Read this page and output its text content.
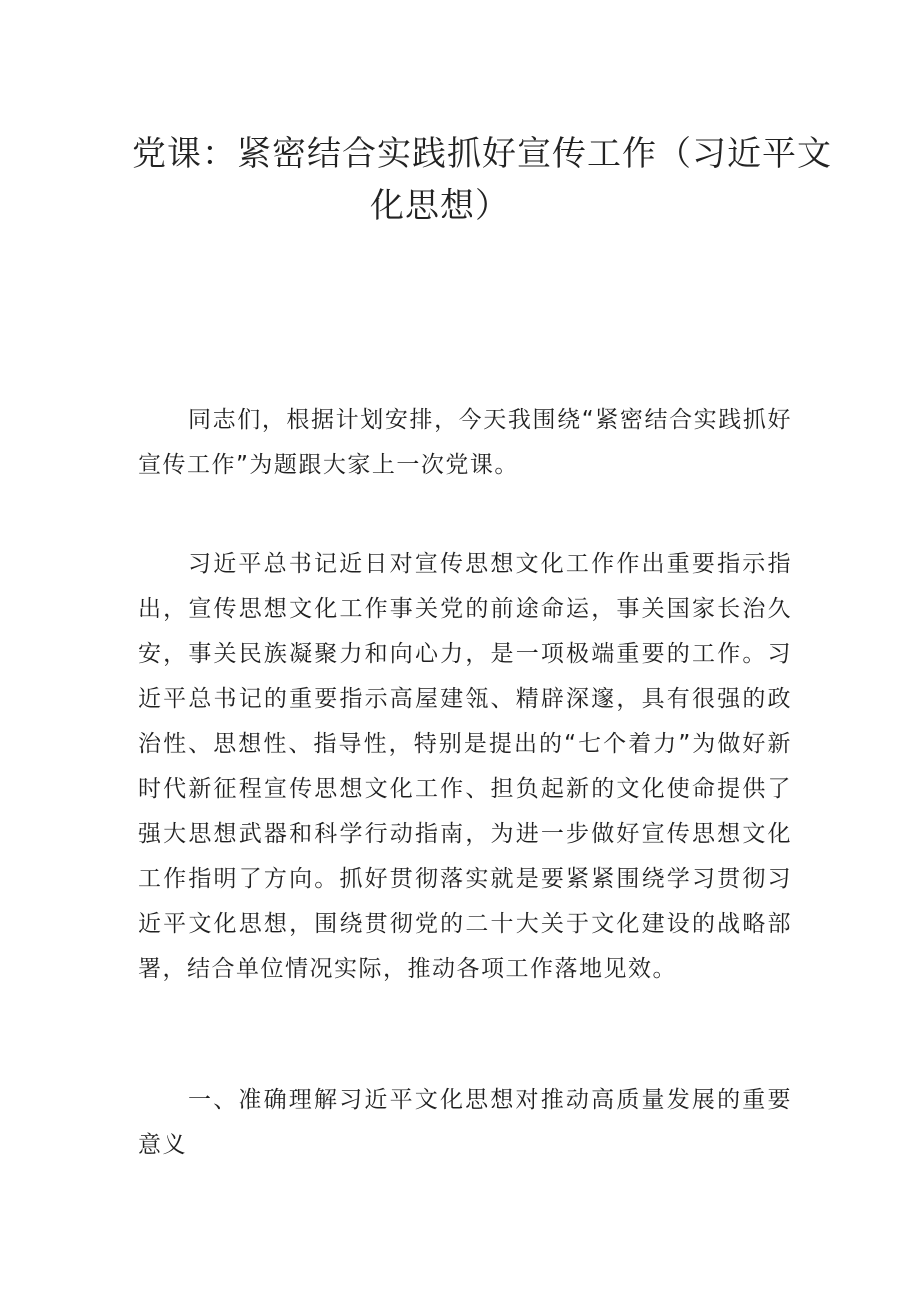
党课：紧密结合实践抓好宣传工作（习近平文
化思想）

同志们，根据计划安排，今天我围绕“紧密结合实践抓好宣传工作”为题跟大家上一次党课。

习近平总书记近日对宣传思想文化工作作出重要指示指出，宣传思想文化工作事关党的前途命运，事关国家长治久安，事关民族凝聚力和向心力，是一项极端重要的工作。习近平总书记的重要指示高屋建瓴、精辟深邃，具有很强的政治性、思想性、指导性，特别是提出的“七个着力”为做好新时代新征程宣传思想文化工作、担负起新的文化使命提供了强大思想武器和科学行动指南，为进一步做好宣传思想文化工作指明了方向。抓好贯彻落实就是要紧紧围绕学习贯彻习近平文化思想，围绕贯彻党的二十大关于文化建设的战略部署，结合单位情况实际，推动各项工作落地见效。

一、准确理解习近平文化思想对推动高质量发展的重要意义
